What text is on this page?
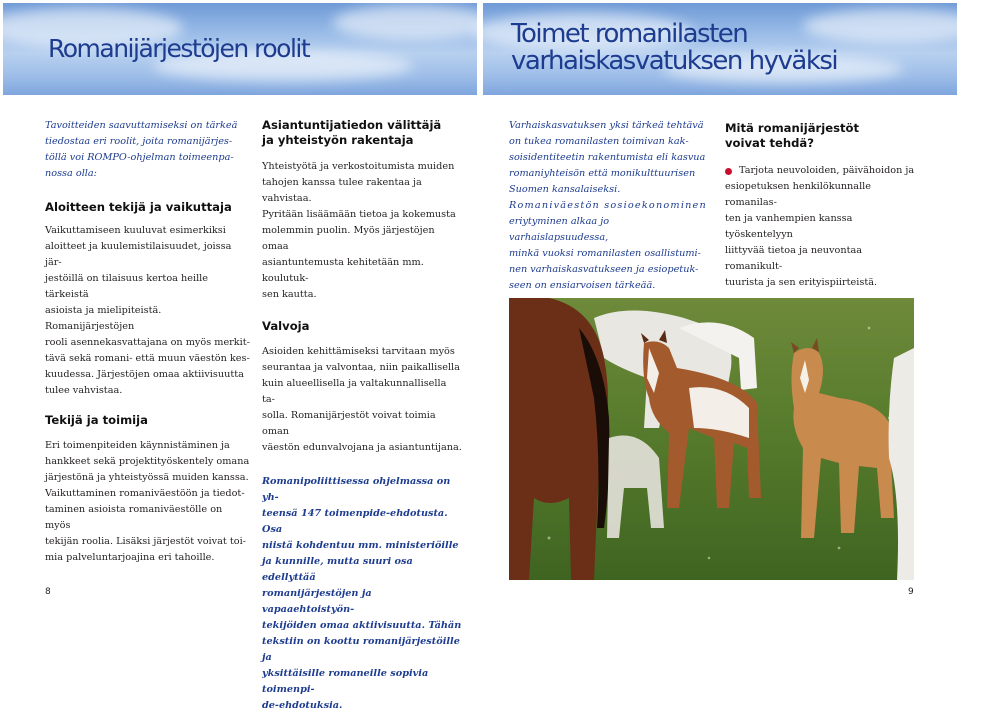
Romanijärjestöjen roolit
Tavoitteiden saavuttamiseksi on tärkeä
tiedostaa eri roolit, joita romanijärjes-
töllä voi ROMPO-ohjelman toimeenpa-
nossa olla:
Aloitteen tekijä ja vaikuttaja
Vaikuttamiseen kuuluvat esimerkiksi
aloitteet ja kuulemistilaisuudet, joissa jär-
jestöillä on tilaisuus kertoa heille tärkeistä
asioista ja mielipiteistä. Romanijärjestöjen
rooli asennekasvattajana on myös merkit-
tävä sekä romani- että muun väestön kes-
kuudessa. Järjestöjen omaa aktiivisuutta
tulee vahvistaa.
Tekijä ja toimija
Eri toimenpiteiden käynnistäminen ja
hankkeet sekä projektityöskentely omana
järjestönä ja yhteistyössä muiden kanssa.
Vaikuttaminen romaniväestöön ja tiedot-
taminen asioista romaniväestölle on myös
tekijän roolia. Lisäksi järjestöt voivat toi-
mia palveluntarjoajina eri tahoille.
Asiantuntijatiedon välittäjä
ja yhteistyön rakentaja
Yhteistyötä ja verkostoitumista muiden
tahojen kanssa tulee rakentaa ja vahvistaa.
Pyritään lisäämään tietoa ja kokemusta
molemmin puolin. Myös järjestöjen omaa
asiantuntemusta kehitetään mm. koulutuk-
sen kautta.
Valvoja
Asioiden kehittämiseksi tarvitaan myös
seurantaa ja valvontaa, niin paikallisella
kuin alueellisella ja valtakunnallisella ta-
solla. Romanijärjestöt voivat toimia oman
väestön edunvalvojana ja asiantuntijana.
Romanipoliittisessa ohjelmassa on yh-
teensä 147 toimenpide-ehdotusta. Osa
niistä kohdentuu mm. ministeriöille
ja kunnille, mutta suuri osa edellyttää
romanijärjestöjen ja vapaaehtoistyön-
tekijöiden omaa aktiivisuutta. Tähän
tekstiin on koottu romanijärjestöille ja
yksittäisille romaneille sopivia toimenpi-
de-ehdotuksia.
8
Toimet romanilasten
varhaiskasvatuksen hyväksi
Varhaiskasvatuksen yksi tärkeä tehtävä
on tukea romanilasten toimivan kak-
soisidentiteetin rakentumista eli kasvua
romaniyhteisön että monikulttuurisen
Suomen kansalaiseksi.
Romaniväestön sosioekonominen
eriytyminen alkaa jo varhaislapsuudessa,
minkä vuoksi romanilasten osallistumi-
nen varhaiskasvatukseen ja esiopetuk-
seen on ensiarvoisen tärkeää.
Mitä romanijärjestöt
voivat tehdä?
Tarjota neuvoloiden, päivähoidon ja
esiopetuksen henkilökunnalle romanilas-
ten ja vanhempien kanssa työskentelyyn
liittyvää tietoa ja neuvontaa romanikult-
tuurista ja sen erityispiirteistä.
9
